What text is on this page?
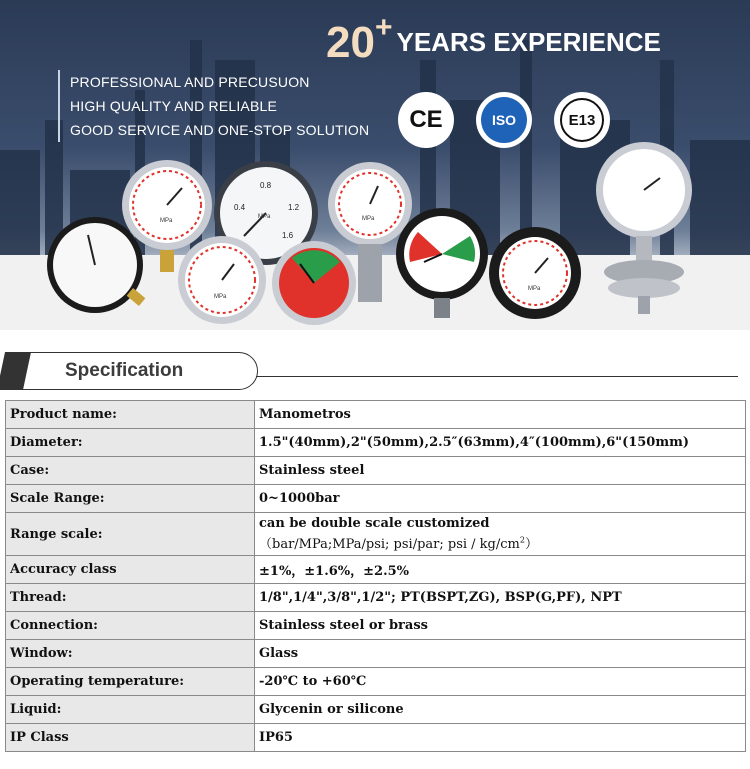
20+ YEARS EXPERIENCE
PROFESSIONAL AND PRECUSUON
HIGH QUALITY AND RELIABLE
GOOD SERVICE AND ONE-STOP SOLUTION CE	ISO	E13
MPa
0.8
0.4	1.2
1.6
MPa
MPa
MPa
MPa
Specification
Product name:	Manometros
Diameter:	1.5"(40mm),2"(50mm),2.5″(63mm),4″(100mm),6"(150mm)
Case:	Stainless steel
Scale Range:	0~1000bar
Range scale:	can be double scale customized
（bar/MPa;MPa/psi; psi/par; psi / $kg/cm^2$）

Accuracy class	±1%，±1.6%，±2.5%
Thread:	1/8",1/4",3/8",1/2"; PT(BSPT,ZG), BSP(G,PF), NPT
Connection:	Stainless steel or brass
Window:	Glass
Operating temperature:	-20℃ to +60℃
Liquid:	Glycenin or silicone
IP Class	IP65
